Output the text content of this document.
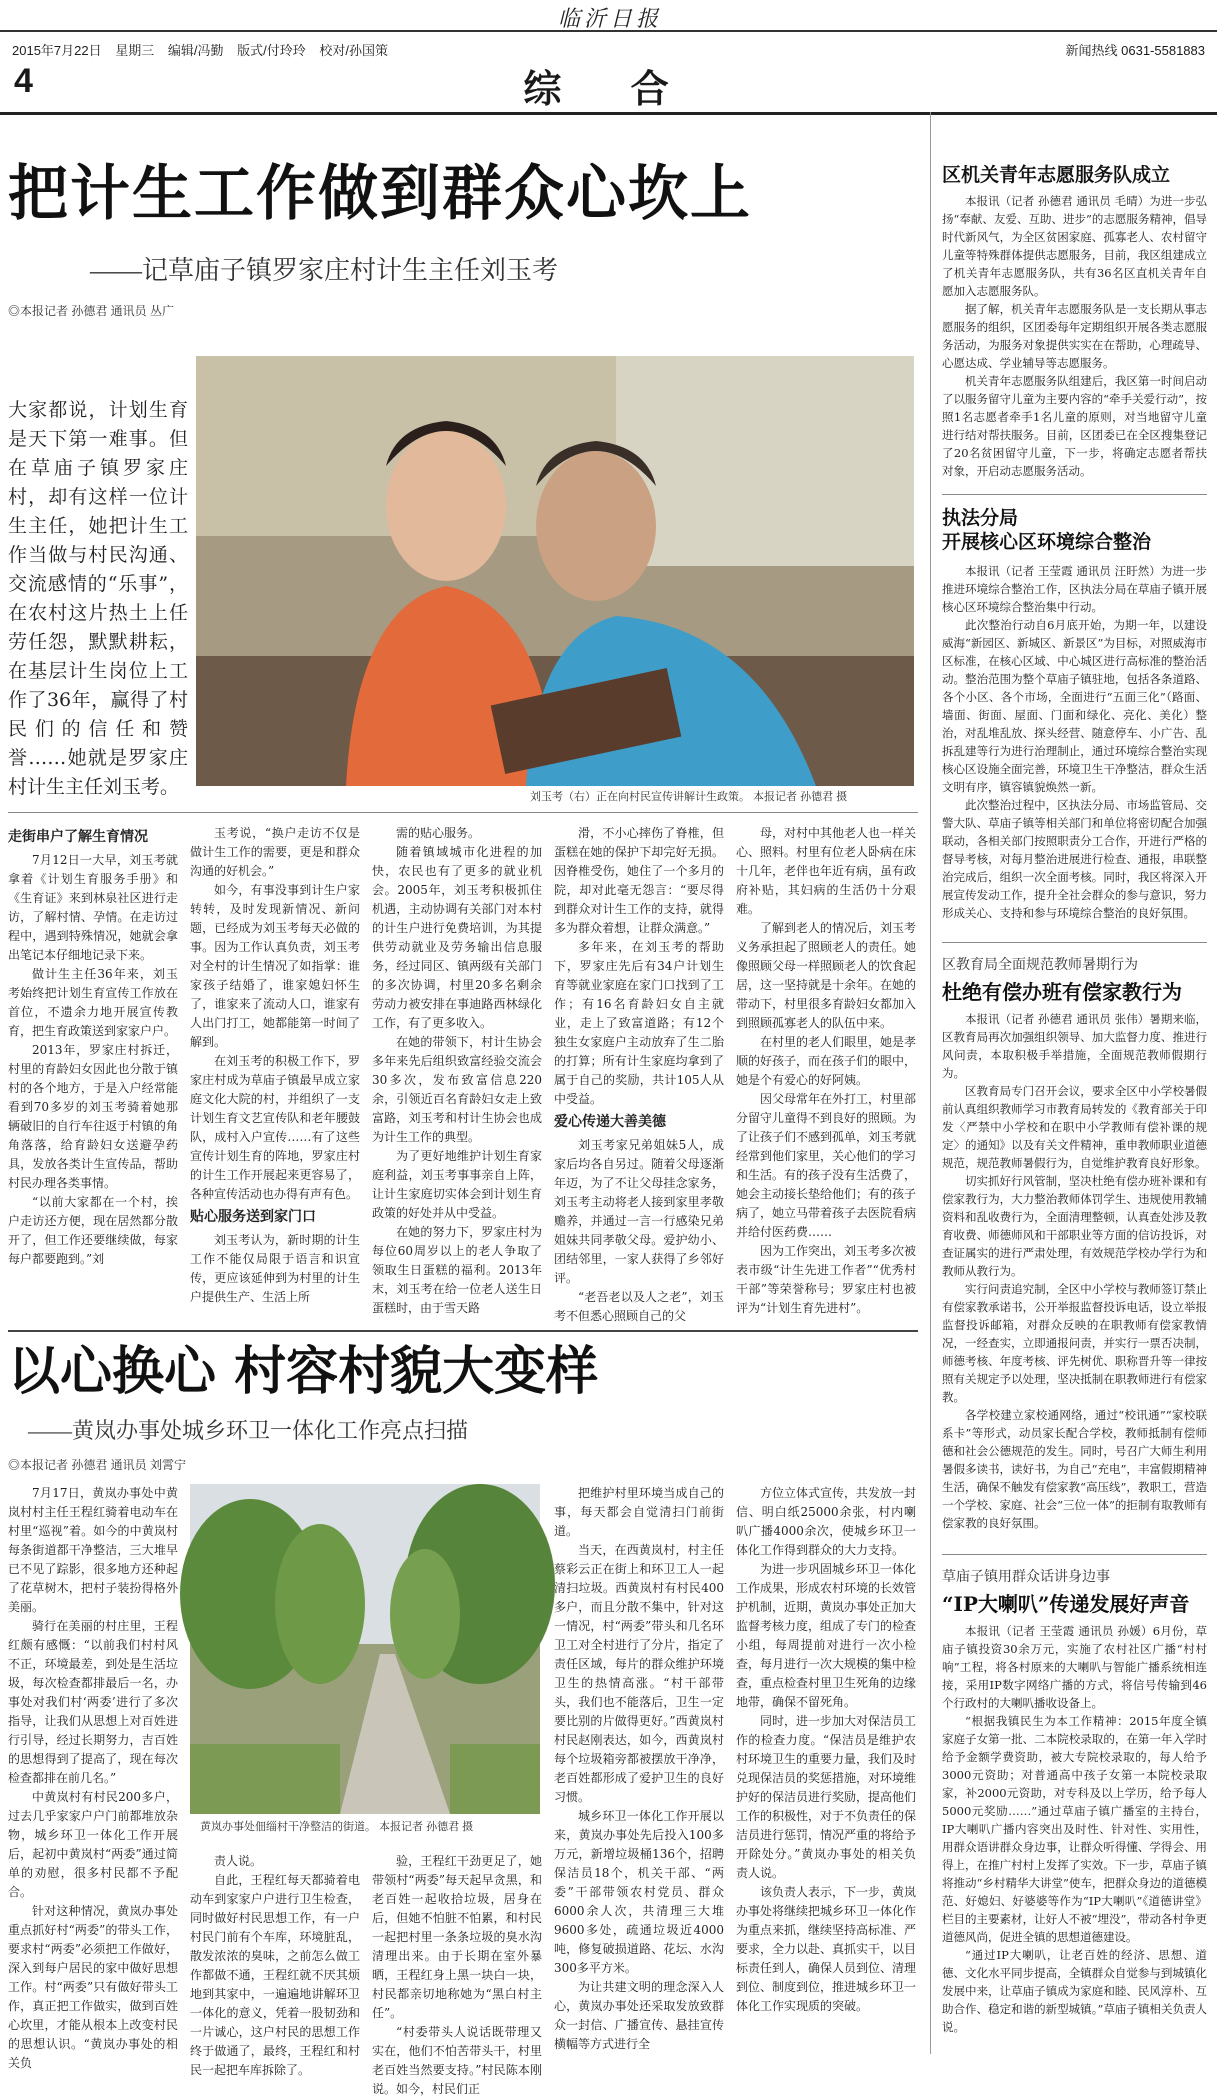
临沂日报
2015年7月22日 星期三 编辑/冯勤 版式/付玲玲 校对/孙国策	新闻热线 0631-5581883
4	综 合
把计生工作做到群众心坎上
——记草庙子镇罗家庄村计生主任刘玉考
◎本报记者 孙德君 通讯员 丛广
大家都说，计划生育是天下第一难事。但在草庙子镇罗家庄村，却有这样一位计生主任，她把计生工作当做与村民沟通、交流感情的“乐事”，在农村这片热土上任劳任怨，默默耕耘，在基层计生岗位上工作了36年，赢得了村民们的信任和赞誉……她就是罗家庄村计生主任刘玉考。	刘玉考（右）正在向村民宣传讲解计生政策。 本报记者 孙德君 摄
走街串户了解生育情况

7月12日一大早，刘玉考就拿着《计划生育服务手册》和《生育证》来到林泉社区进行走访，了解村情、孕情。在走访过程中，遇到特殊情况，她就会拿出笔记本仔细地记录下来。

做计生主任36年来，刘玉考始终把计划生育宣传工作放在首位，不遗余力地开展宣传教育，把生育政策送到家家户户。

2013年，罗家庄村拆迁，村里的育龄妇女因此也分散于镇村的各个地方，于是入户经常能看到70多岁的刘玉考骑着她那辆破旧的自行车往返于村镇的角角落落，给育龄妇女送避孕药具，发放各类计生宣传品，帮助村民办理各类事情。

“以前大家都在一个村，挨户走访还方便，现在居然都分散开了，但工作还要继续做，每家每户都要跑到。”刘

玉考说，“换户走访不仅是做计生工作的需要，更是和群众沟通的好机会。”

如今，有事没事到计生户家转转，及时发现新情况、新问题，已经成为刘玉考每天必做的事。因为工作认真负责，刘玉考对全村的计生情况了如指掌：谁家孩子结婚了，谁家媳妇怀生了，谁家来了流动人口，谁家有人出门打工，她都能第一时间了解到。

在刘玉考的积极工作下，罗家庄村成为草庙子镇最早成立家庭文化大院的村，并组织了一支计划生育文艺宣传队和老年腰鼓队，成村入户宣传……有了这些宣传计划生育的阵地，罗家庄村的计生工作开展起来更容易了，各种宣传活动也办得有声有色。

贴心服务送到家门口

刘玉考认为，新时期的计生工作不能仅局限于语言和识宣传，更应该延伸到为村里的计生户提供生产、生活上所

需的贴心服务。

随着镇域城市化进程的加快，农民也有了更多的就业机会。2005年，刘玉考积极抓住机遇，主动协调有关部门对本村的计生户进行免费培训，为其提供劳动就业及劳务输出信息服务，经过同区、镇两级有关部门的多次协调，村里20多名剩余劳动力被安排在事迪路西林绿化工作，有了更多收入。

在她的带领下，村计生协会多年来先后组织致富经验交流会30多次，发布致富信息220余，引领近百名育龄妇女走上致富路，刘玉考和村计生协会也成为计生工作的典型。

为了更好地维护计划生育家庭利益，刘玉考事事亲自上阵，让计生家庭切实体会到计划生育政策的好处并从中受益。

在她的努力下，罗家庄村为每位60周岁以上的老人争取了领取生日蛋糕的福利。2013年末，刘玉考在给一位老人送生日蛋糕时，由于雪天路

滑，不小心摔伤了脊椎，但蛋糕在她的保护下却完好无损。因脊椎受伤，她住了一个多月的院，却对此毫无怨言：“要尽得到群众对计生工作的支持，就得多为群众着想，让群众满意。”

多年来，在刘玉考的帮助下，罗家庄先后有34户计划生育等就业家庭在家门口找到了工作；有16名育龄妇女自主就业，走上了致富道路；有12个独生女家庭户主动放弃了生二胎的打算；所有计生家庭均拿到了属于自己的奖励，共计105人从中受益。

爱心传递大善美德

刘玉考家兄弟姐妹5人，成家后均各自另过。随着父母逐渐年迈，为了不让父母挂念家务，刘玉考主动将老人接到家里孝敬赡养，并通过一言一行感染兄弟姐妹共同孝敬父母。爱护幼小、团结邻里，一家人获得了乡邻好评。

“老吾老以及人之老”，刘玉考不但悉心照顾自己的父

母，对村中其他老人也一样关心、照料。村里有位老人卧病在床十几年，老伴也年近有病，虽有政府补贴，其妇病的生活仍十分艰难。

了解到老人的情况后，刘玉考义务承担起了照顾老人的责任。她像照顾父母一样照顾老人的饮食起居，这一坚持就是十余年。在她的带动下，村里很多育龄妇女都加入到照顾孤寡老人的队伍中来。

在村里的老人们眼里，她是孝顺的好孩子，而在孩子们的眼中，她是个有爱心的好阿姨。

因父母常年在外打工，村里部分留守儿童得不到良好的照顾。为了让孩子们不感到孤单，刘玉考就经常到他们家里，关心他们的学习和生活。有的孩子没有生活费了，她会主动接长垫给他们；有的孩子病了，她立马带着孩子去医院看病并给付医药费……

因为工作突出，刘玉考多次被表市级“计生先进工作者”“优秀村干部”等荣誉称号；罗家庄村也被评为“计划生育先进村”。

以心换心 村容村貌大变样
——黄岚办事处城乡环卫一体化工作亮点扫描
◎本报记者 孙德君 通讯员 刘霄宁

7月17日，黄岚办事处中黄岚村村主任王程红骑着电动车在村里“巡视”着。如今的中黄岚村每条街道都干净整洁，三大堆早已不见了踪影，很多地方还种起了花草树木，把村子装扮得格外美丽。

骑行在美丽的村庄里，王程红颇有感慨：“以前我们村村风不正，环境最差，到处是生活垃圾，每次检查都排最后一名，办事处对我们村‘两委’进行了多次指导，让我们从思想上对百姓进行引导，经过长期努力，吉百姓的思想得到了提高了，现在每次检查都排在前几名。”

中黄岚村有村民200多户，过去几乎家家户户门前都堆放杂物，城乡环卫一体化工作开展后，起初中黄岚村“两委”通过简单的劝慰，很多村民都不予配合。

针对这种情况，黄岚办事处重点抓好村“两委”的带头工作，要求村“两委”必须把工作做好，深入到每户居民的家中做好思想工作。村“两委”只有做好带头工作，真正把工作做实，做到百姓心坎里，才能从根本上改变村民的思想认识。“黄岚办事处的相关负

黄岚办事处佃缁村干净整洁的街道。 本报记者 孙德君 摄

责人说。

自此，王程红每天都骑着电动车到家家户户进行卫生检查，同时做好村民思想工作，有一户村民门前有个车库，环境脏乱，散发浓浓的臭味，之前怎么做工作都做不通，王程红就不厌其烦地到其家中，一遍遍地讲解环卫一体化的意义，凭着一股韧劲和一片诚心，这户村民的思想工作终于做通了，最终，王程红和村民一起把车库拆除了。

验，王程红干劲更足了，她带领村“两委”每天起早贪黑，和老百姓一起收拾垃圾，居身在后，但她不怕脏不怕累，和村民一起把村里一条条垃圾的臭水沟清理出来。由于长期在室外暴晒，王程红身上黑一块白一块，村民都亲切地称她为“黑白村主任”。

“村委带头人说话既带理又实在，他们不怕苦带头干，村里老百姓当然要支持。”村民陈本刚说。如今，村民们正

把维护村里环境当成自己的事，每天都会自觉清扫门前街道。

当天，在西黄岚村，村主任蔡彩云正在街上和环卫工人一起清扫垃圾。西黄岚村有村民400多户，而且分散不集中，针对这一情况，村“两委”带头和几名环卫工对全村进行了分片，指定了责任区域，每片的群众维护环境卫生的热情高涨。“村干部带头，我们也不能落后，卫生一定要比别的片做得更好。”西黄岚村村民赵刚表达，如今，西黄岚村每个垃圾箱旁都被摆放干净净，老百姓都形成了爱护卫生的良好习惯。

城乡环卫一体化工作开展以来，黄岚办事处先后投入100多万元，新增垃圾桶136个，招聘保洁员18个，机关干部、“两委”干部带领农村党员、群众6000余人次，共清理三大堆9600多处，疏通垃圾近4000吨，修复破损道路、花坛、水沟300多平方米。

为让共建文明的理念深入人心，黄岚办事处还采取发放致群众一封信、广播宣传、悬挂宣传横幅等方式进行全

方位立体式宣传，共发放一封信、明白纸25000余张，村内喇叭广播4000余次，使城乡环卫一体化工作得到群众的大力支持。

为进一步巩固城乡环卫一体化工作成果，形成农村环境的长效管护机制，近期，黄岚办事处正加大监督考核力度，组成了专门的检查小组，每周提前对进行一次小检查，每月进行一次大规模的集中检查，重点检查村里卫生死角的边缘地带，确保不留死角。

同时，进一步加大对保洁员工作的检查力度。“保洁员是维护农村环境卫生的重要力量，我们及时兑现保洁员的奖惩措施，对环境维护好的保洁员进行奖励，提高他们工作的积极性，对于不负责任的保洁员进行惩罚，情况严重的将给予开除处分。”黄岚办事处的相关负责人说。

该负责人表示，下一步，黄岚办事处将继续把城乡环卫一体化作为重点来抓，继续坚持高标准、严要求，全力以赴、真抓实干，以目标责任到人，确保人员到位、清理到位、制度到位，推进城乡环卫一体化工作实现质的突破。

区机关青年志愿服务队成立

本报讯（记者 孙德君 通讯员 毛晴）为进一步弘扬“奉献、友爱、互助、进步”的志愿服务精神，倡导时代新风气，为全区贫困家庭、孤寡老人、农村留守儿童等特殊群体提供志愿服务，目前，我区组建成立了机关青年志愿服务队，共有36名区直机关青年自愿加入志愿服务队。

据了解，机关青年志愿服务队是一支长期从事志愿服务的组织，区团委每年定期组织开展各类志愿服务活动，为服务对象提供实实在在帮助，心理疏导、心愿达成、学业辅导等志愿服务。

机关青年志愿服务队组建后，我区第一时间启动了以服务留守儿童为主要内容的“牵手关爱行动”，按照1名志愿者牵手1名儿童的原则，对当地留守儿童进行结对帮扶服务。目前，区团委已在全区搜集登记了20名贫困留守儿童，下一步，将确定志愿者帮扶对象，开启动志愿服务活动。

执法分局
开展核心区环境综合整治

本报讯（记者 王莹霞 通讯员 汪盱然）为进一步推进环境综合整治工作，区执法分局在草庙子镇开展核心区环境综合整治集中行动。

此次整治行动自6月底开始，为期一年，以建设威海“新园区、新城区、新景区”为目标，对照威海市区标准，在核心区域、中心城区进行高标准的整治活动。整治范围为整个草庙子镇驻地，包括各条道路、各个小区、各个市场，全面进行“五面三化”（路面、墙面、街面、屋面、门面和绿化、亮化、美化）整治，对乱堆乱放、探头经营、随意停车、小广告、乱拆乱建等行为进行治理制止，通过环境综合整治实现核心区设施全面完善，环境卫生干净整洁，群众生活文明有序，镇容镇貌焕然一新。

此次整治过程中，区执法分局、市场监管局、交警大队、草庙子镇等相关部门和单位将密切配合加强联动，各相关部门按照职责分工合作，开进行严格的督导考核，对每月整治进展进行检查、通报，串联整治完成后，组织一次全面考核。同时，我区将深入开展宣传发动工作，提升全社会群众的参与意识，努力形成关心、支持和参与环境综合整治的良好氛围。

区教育局全面规范教师暑期行为
杜绝有偿办班有偿家教行为

本报讯（记者 孙德君 通讯员 张伟）暑期来临，区教育局再次加强组织领导、加大监督力度、推进行风问责，本取积极手举措施，全面规范教师假期行为。

区教育局专门召开会议，要求全区中小学校暑假前认真组织教师学习市教育局转发的《教育部关于印发〈严禁中小学校和在职中小学教师有偿补课的规定〉的通知》以及有关文件精神，重申教师职业道德规范，规范教师暑假行为，自觉维护教育良好形象。

切实抓好行风管制，坚决杜绝有偿办班补课和有偿家教行为，大力整治教师体罚学生、违规使用教辅资料和乱收费行为，全面清理整顿，认真查处涉及教育收费、师德师风和干部职业等方面的信访投诉，对查证属实的进行严肃处理，有效规范学校办学行为和教师从教行为。

实行问责追究制，全区中小学校与教师签订禁止有偿家教承诺书，公开举报监督投诉电话，设立举报监督投诉邮箱，对群众反映的在职教师有偿家教情况，一经查实，立即通报问责，并实行一票否决制，师德考核、年度考核、评先树优、职称晋升等一律按照有关规定予以处理，坚决抵制在职教师进行有偿家教。

各学校建立家校通网络，通过“校讯通”“家校联系卡”等形式，动员家长配合学校，教师抵制有偿师德和社会公德规范的发生。同时，号召广大师生利用暑假多读书，读好书，为自己“充电”，丰富假期精神生活，确保不触发有偿家教“高压线”，教职工，营造一个学校、家庭、社会“三位一体”的拒制有取教师有偿家教的良好氛围。

草庙子镇用群众话讲身边事
“IP大喇叭”传递发展好声音

本报讯（记者 王莹霞 通讯员 孙媛）6月份，草庙子镇投资30余万元，实施了农村社区广播“村村响”工程，将各村原来的大喇叭与智能广播系统相连接，采用IP数字网络广播的方式，将信号传输到46个行政村的大喇叭播收设备上。

“根据我镇民生为本工作精神：2015年度全镇家庭子女第一批、二本院校录取的，在第一年入学时给予金额学费资助，被大专院校录取的，每人给予3000元资助；对普通高中孩子女第一本院校录取家，补2000元资助，对专科及以上学历，给予每人5000元奖励……”通过草庙子镇广播室的主持台，IP大喇叭广播内容突出及时性、针对性、实用性，用群众语讲群众身边事，让群众听得懂、学得会、用得上，在推广村村上发挥了实效。下一步，草庙子镇将推动“乡村精华大讲堂”使车，把群众身边的道德模范、好媳妇、好婆婆等作为“IP大喇叭”《道德讲堂》栏目的主要素材，让好人不被“埋没”，带动各村争更道德风尚，促进全镇的思想道德建设。

“通过IP大喇叭，让老百姓的经济、思想、道德、文化水平同步提高，全镇群众自觉参与到城镇化发展中来，让草庙子镇成为家庭和睦、民风淳朴、互助合作、稳定和谐的新型城镇。”草庙子镇相关负责人说。
